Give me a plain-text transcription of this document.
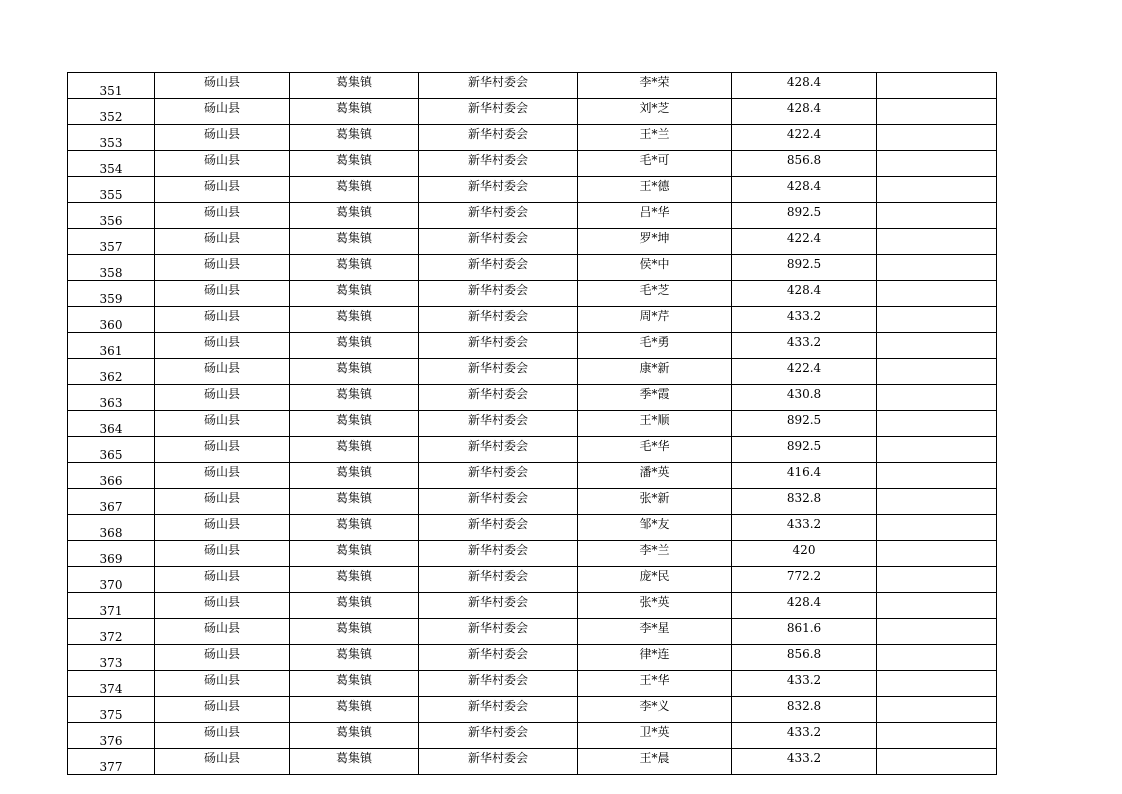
351	砀山县	葛集镇	新华村委会	李*荣	428.4	
352	砀山县	葛集镇	新华村委会	刘*芝	428.4	
353	砀山县	葛集镇	新华村委会	王*兰	422.4	
354	砀山县	葛集镇	新华村委会	毛*可	856.8	
355	砀山县	葛集镇	新华村委会	王*德	428.4	
356	砀山县	葛集镇	新华村委会	吕*华	892.5	
357	砀山县	葛集镇	新华村委会	罗*坤	422.4	
358	砀山县	葛集镇	新华村委会	侯*中	892.5	
359	砀山县	葛集镇	新华村委会	毛*芝	428.4	
360	砀山县	葛集镇	新华村委会	周*芹	433.2	
361	砀山县	葛集镇	新华村委会	毛*勇	433.2	
362	砀山县	葛集镇	新华村委会	康*新	422.4	
363	砀山县	葛集镇	新华村委会	季*霞	430.8	
364	砀山县	葛集镇	新华村委会	王*顺	892.5	
365	砀山县	葛集镇	新华村委会	毛*华	892.5	
366	砀山县	葛集镇	新华村委会	潘*英	416.4	
367	砀山县	葛集镇	新华村委会	张*新	832.8	
368	砀山县	葛集镇	新华村委会	邹*友	433.2	
369	砀山县	葛集镇	新华村委会	李*兰	420	
370	砀山县	葛集镇	新华村委会	庞*民	772.2	
371	砀山县	葛集镇	新华村委会	张*英	428.4	
372	砀山县	葛集镇	新华村委会	李*星	861.6	
373	砀山县	葛集镇	新华村委会	律*连	856.8	
374	砀山县	葛集镇	新华村委会	王*华	433.2	
375	砀山县	葛集镇	新华村委会	李*义	832.8	
376	砀山县	葛集镇	新华村委会	卫*英	433.2	
377	砀山县	葛集镇	新华村委会	王*晨	433.2	
